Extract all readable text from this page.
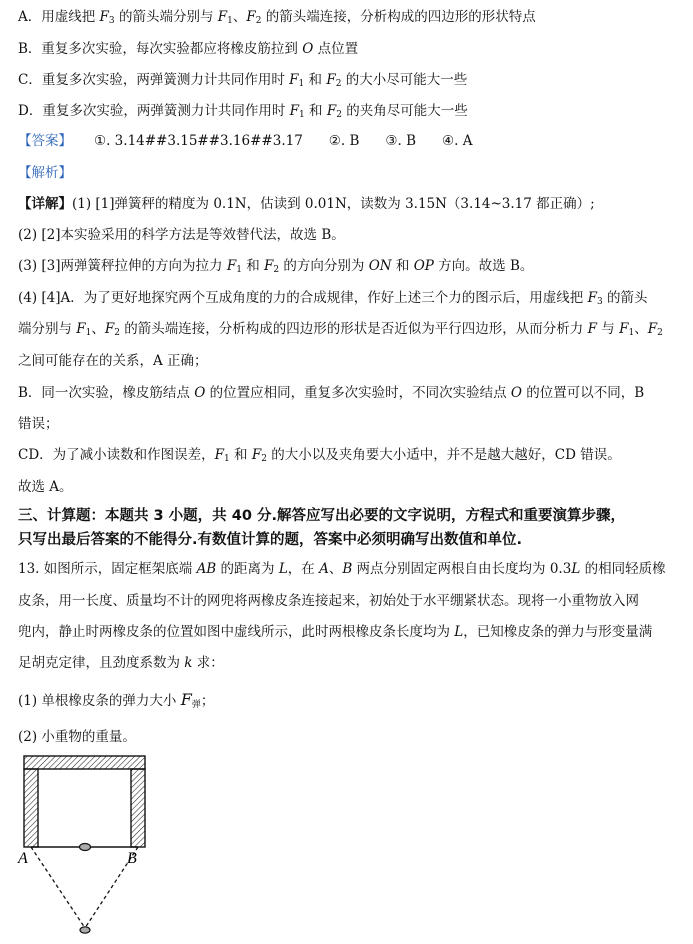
A．用虚线把 $F_3$ 的箭头端分别与 $F_1$、$F_2$ 的箭头端连接，分析构成的四边形的形状特点
B．重复多次实验，每次实验都应将橡皮筋拉到 O 点位置
C．重复多次实验，两弹簧测力计共同作用时 $F_1$ 和 $F_2$ 的大小尽可能大一些
D．重复多次实验，两弹簧测力计共同作用时 $F_1$ 和 $F_2$ 的夹角尽可能大一些
【答案】 ①. 3.14##3.15##3.16##3.17 ②. B ③. B ④. A
【解析】
【详解】(1) [1]弹簧秤的精度为 0.1N，估读到 0.01N，读数为 3.15N（3.14~3.17 都正确）;
(2) [2]本实验采用的科学方法是等效替代法，故选 B。
(3) [3]两弹簧秤拉伸的方向为拉力 $F_1$ 和 $F_2$ 的方向分别为 ON 和 OP 方向。故选 B。
(4) [4]A．为了更好地探究两个互成角度的力的合成规律，作好上述三个力的图示后，用虚线把 $F_3$ 的箭头
端分别与 $F_1$、$F_2$ 的箭头端连接，分析构成的四边形的形状是否近似为平行四边形，从而分析力 F 与 $F_1$、$F_2$
之间可能存在的关系，A 正确；
B．同一次实验，橡皮筋结点 O 的位置应相同，重复多次实验时，不同次实验结点 O 的位置可以不同，B
错误；
CD．为了减小读数和作图误差，$F_1$ 和 $F_2$ 的大小以及夹角要大小适中，并不是越大越好，CD 错误。
故选 A。
三、计算题：本题共 3 小题，共 40 分.解答应写出必要的文字说明，方程式和重要演算步骤，
只写出最后答案的不能得分.有数值计算的题，答案中必须明确写出数值和单位.
13. 如图所示，固定框架底端 AB 的距离为 L，在 A、B 两点分别固定两根自由长度均为 0.3L 的相同轻质橡
皮条，用一长度、质量均不计的网兜将两橡皮条连接起来，初始处于水平绷紧状态。现将一小重物放入网
兜内，静止时两橡皮条的位置如图中虚线所示，此时两根橡皮条长度均为 L，已知橡皮条的弹力与形变量满
足胡克定律，且劲度系数为 k 求：
(1) 单根橡皮条的弹力大小 $F_弹$；
(2) 小重物的重量。
A	B
